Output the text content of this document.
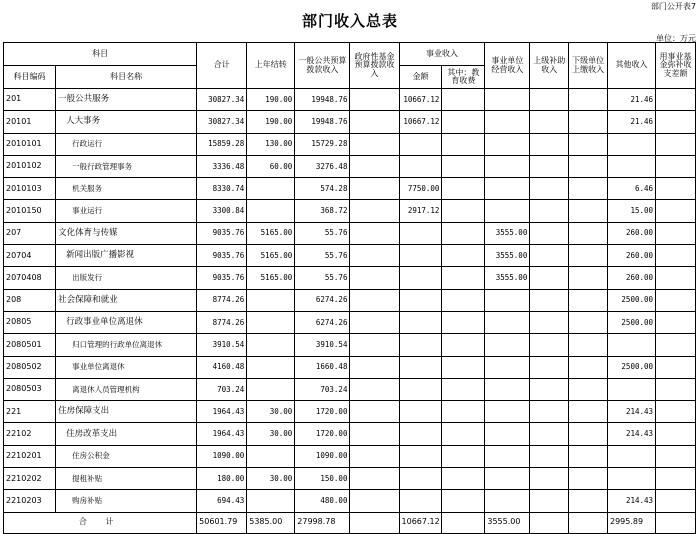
部门公开表7
部门收入总表
单位：万元
科目		合计	上年结转	一般公共预算拨款收入	政府性基金预算拨款收入	事业收入		事业单位经营收入	上级补助收入	下级单位上缴收入	其他收入	用事业基金弥补收支差额
科目编码	科目名称					金额	其中：教育收费					
201	一般公共服务	30827.34	190.00	19948.76		10667.12					21.46	
20101	人大事务	30827.34	190.00	19948.76		10667.12					21.46	
2010101	行政运行	15859.28	130.00	15729.28								
2010102	一般行政管理事务	3336.48	60.00	3276.48								
2010103	机关服务	8330.74		574.28		7750.00					6.46	
2010150	事业运行	3300.84		368.72		2917.12					15.00	
207	文化体育与传媒	9035.76	5165.00	55.76				3555.00			260.00	
20704	新闻出版广播影视	9035.76	5165.00	55.76				3555.00			260.00	
2070408	出版发行	9035.76	5165.00	55.76				3555.00			260.00	
208	社会保障和就业	8774.26		6274.26							2500.00	
20805	行政事业单位离退休	8774.26		6274.26							2500.00	
2080501	归口管理的行政单位离退休	3910.54		3910.54								
2080502	事业单位离退休	4160.48		1660.48							2500.00	
2080503	离退休人员管理机构	703.24		703.24								
221	住房保障支出	1964.43	30.00	1720.00							214.43	
22102	住房改革支出	1964.43	30.00	1720.00							214.43	
2210201	住房公积金	1090.00		1090.00								
2210202	提租补贴	180.00	30.00	150.00								
2210203	购房补贴	694.43		480.00							214.43	
合 计		50601.79	5385.00	27998.78		10667.12		3555.00			2995.89	
